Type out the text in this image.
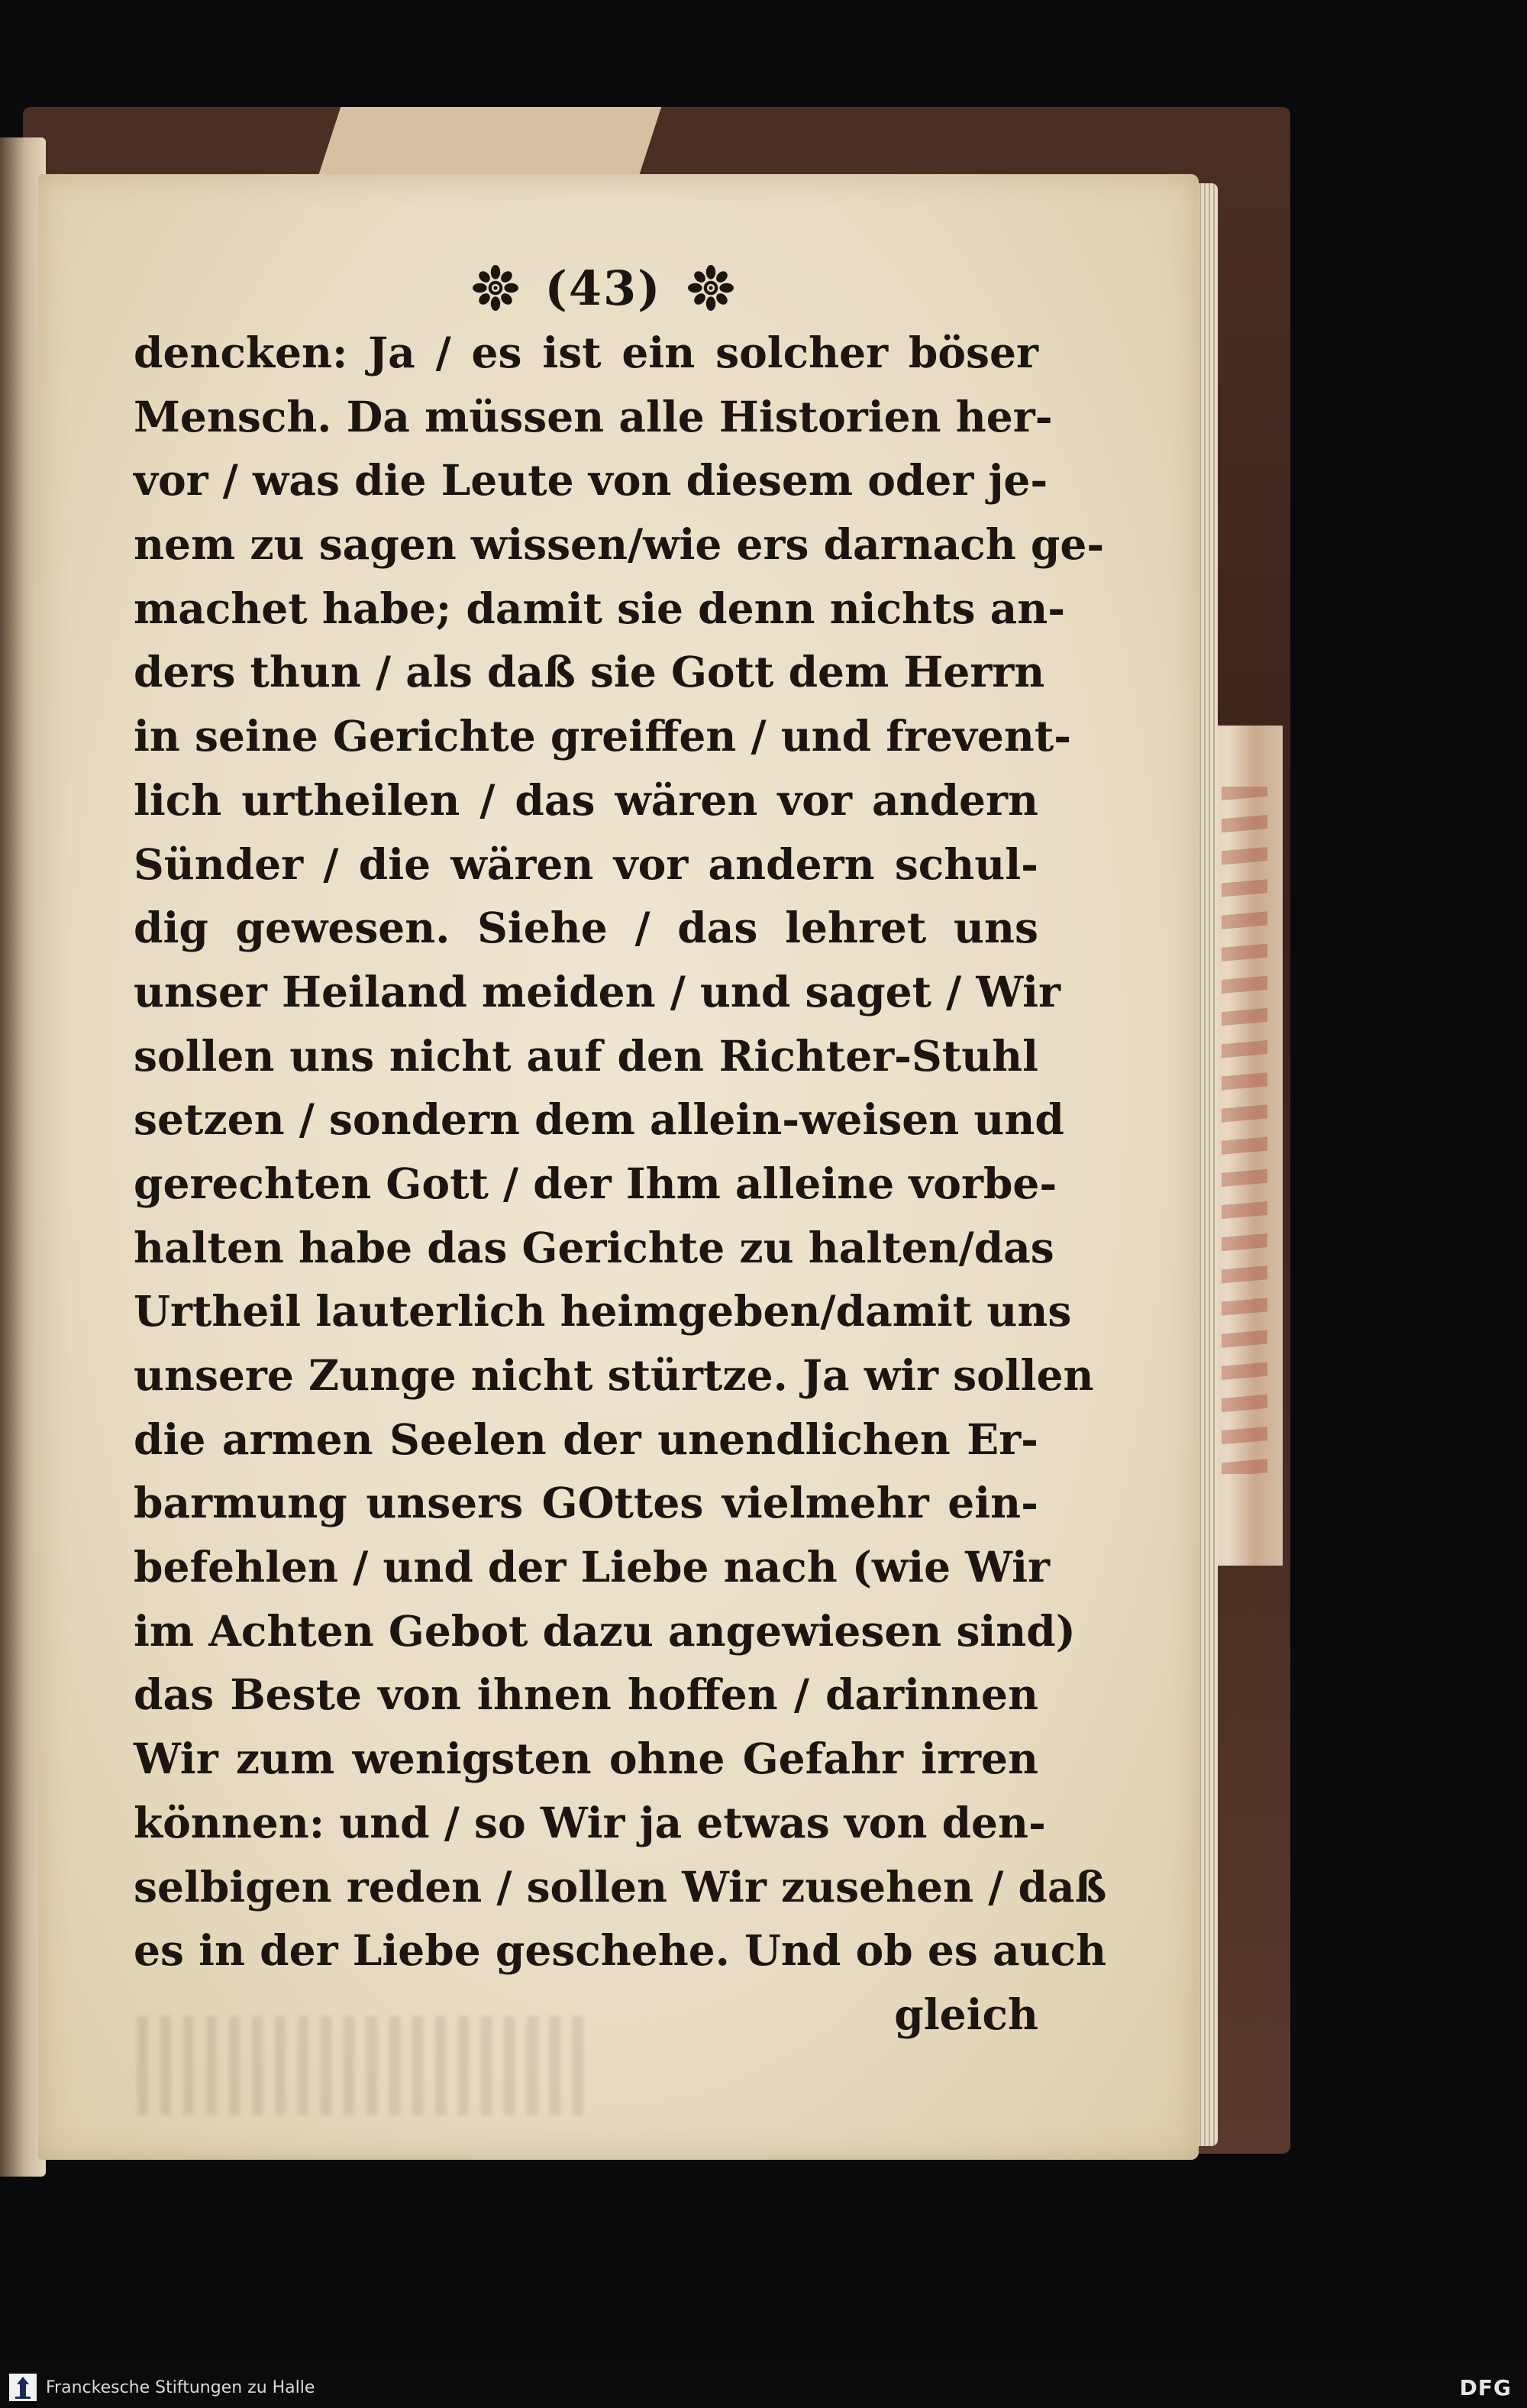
(43)
dencken: Ja / es ist ein solcher böser
Mensch. Da müssen alle Historien her-
vor / was die Leute von diesem oder je-
nem zu sagen wissen/wie ers darnach ge-
machet habe; damit sie denn nichts an-
ders thun / als daß sie Gott dem Herrn
in seine Gerichte greiffen / und frevent-
lich urtheilen / das wären vor andern
Sünder / die wären vor andern schul-
dig gewesen. Siehe / das lehret uns
unser Heiland meiden / und saget / Wir
sollen uns nicht auf den Richter-Stuhl
setzen / sondern dem allein-weisen und
gerechten Gott / der Ihm alleine vorbe-
halten habe das Gerichte zu halten/das
Urtheil lauterlich heimgeben/damit uns
unsere Zunge nicht stürtze. Ja wir sollen
die armen Seelen der unendlichen Er-
barmung unsers GOttes vielmehr ein-
befehlen / und der Liebe nach (wie Wir
im Achten Gebot dazu angewiesen sind)
das Beste von ihnen hoffen / darinnen
Wir zum wenigsten ohne Gefahr irren
können: und / so Wir ja etwas von den-
selbigen reden / sollen Wir zusehen / daß
es in der Liebe geschehe. Und ob es auch
gleich
Franckesche Stiftungen zu Halle	DFG
